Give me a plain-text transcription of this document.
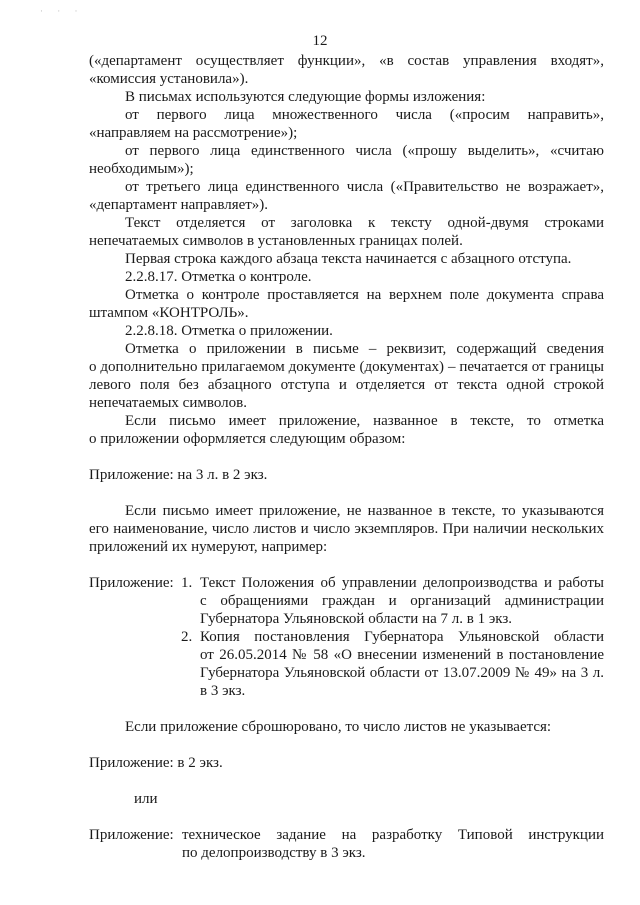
· · ·
12
(«департамент осуществляет функции», «в состав управления входят»,
«комиссия установила»).
В письмах используются следующие формы изложения:
от первого лица множественного числа («просим направить»,
«направляем на рассмотрение»);
от первого лица единственного числа («прошу выделить», «считаю
необходимым»);
от третьего лица единственного числа («Правительство не возражает»,
«департамент направляет»).
Текст отделяется от заголовка к тексту одной-двумя строками
непечатаемых символов в установленных границах полей.
Первая строка каждого абзаца текста начинается с абзацного отступа.
2.2.8.17. Отметка о контроле.
Отметка о контроле проставляется на верхнем поле документа справа
штампом «КОНТРОЛЬ».
2.2.8.18. Отметка о приложении.
Отметка о приложении в письме – реквизит, содержащий сведения
о дополнительно прилагаемом документе (документах) – печатается от границы
левого поля без абзацного отступа и отделяется от текста одной строкой
непечатаемых символов.
Если письмо имеет приложение, названное в тексте, то отметка
о приложении оформляется следующим образом:
Приложение: на 3 л. в 2 экз.
Если письмо имеет приложение, не названное в тексте, то указываются
его наименование, число листов и число экземпляров. При наличии нескольких
приложений их нумеруют, например:
Приложение: 1. Текст Положения об управлении делопроизводства и работы
с обращениями граждан и организаций администрации
Губернатора Ульяновской области на 7 л. в 1 экз.
2. Копия постановления Губернатора Ульяновской области
от 26.05.2014 № 58 «О внесении изменений в постановление
Губернатора Ульяновской области от 13.07.2009 № 49» на 3 л.
в 3 экз.
Если приложение сброшюровано, то число листов не указывается:
Приложение: в 2 экз.
или
Приложение: техническое задание на разработку Типовой инструкции
по делопроизводству в 3 экз.
